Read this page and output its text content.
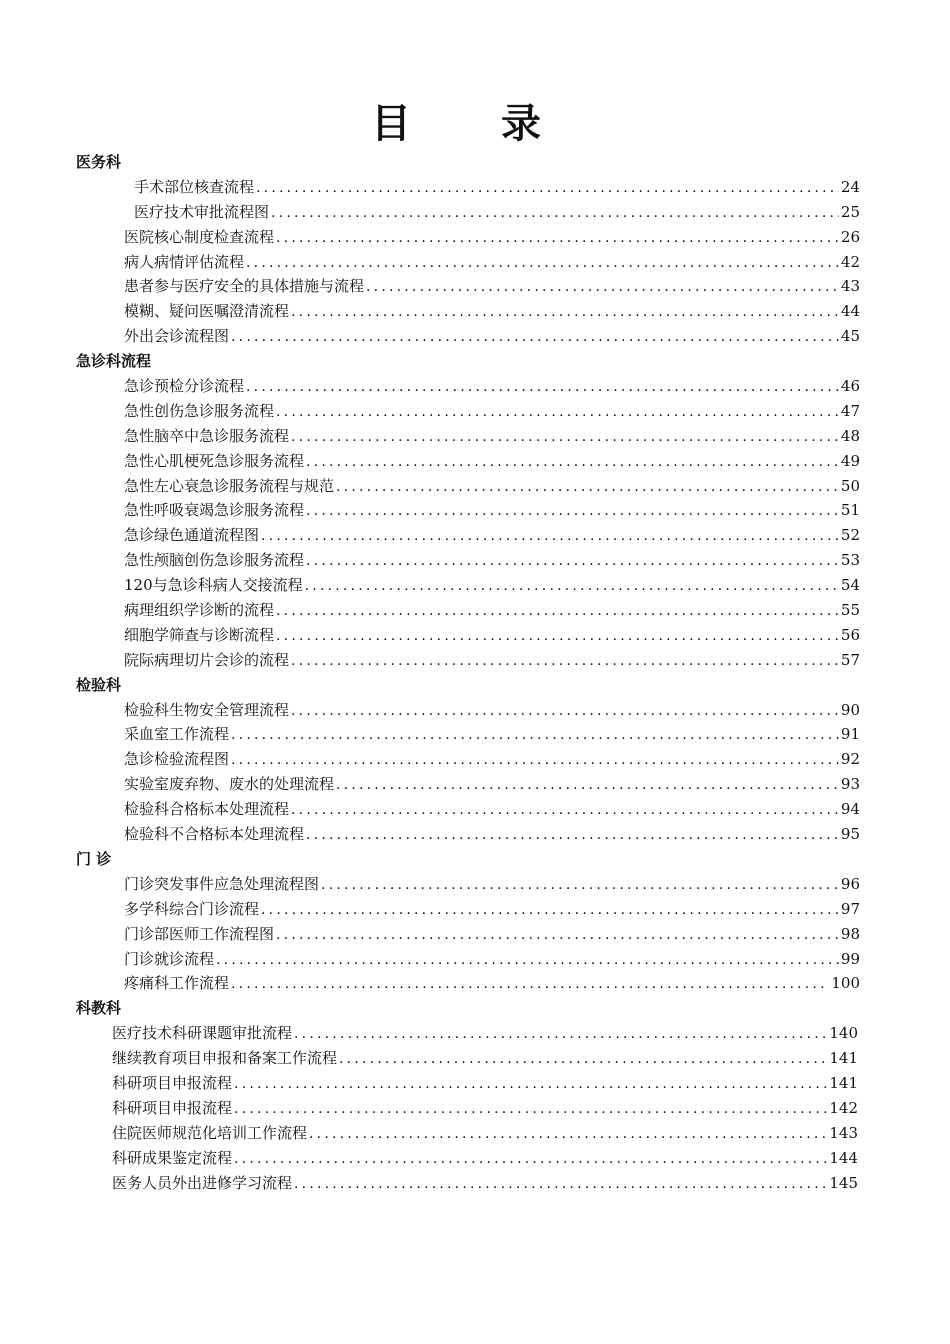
目 录
医务科
手术部位核查流程 .....	24
医疗技术审批流程图 .....	25
医院核心制度检查流程 .....	26
病人病情评估流程 .....	42
患者参与医疗安全的具体措施与流程 .....	43
模糊、疑问医嘱澄清流程 .....	44
外出会诊流程图 .....	45
急诊科流程
急诊预检分诊流程 .....	46
急性创伤急诊服务流程 .....	47
急性脑卒中急诊服务流程 .....	48
急性心肌梗死急诊服务流程 .....	49
急性左心衰急诊服务流程与规范 .....	50
急性呼吸衰竭急诊服务流程 .....	51
急诊绿色通道流程图 .....	52
急性颅脑创伤急诊服务流程 .....	53
120与急诊科病人交接流程 .....	54
病理组织学诊断的流程 .....	55
细胞学筛查与诊断流程 .....	56
院际病理切片会诊的流程 .....	57
检验科
检验科生物安全管理流程 .....	90
采血室工作流程 .....	91
急诊检验流程图 .....	92
实验室废弃物、废水的处理流程 .....	93
检验科合格标本处理流程 .....	94
检验科不合格标本处理流程 .....	95
门 诊
门诊突发事件应急处理流程图 .....	96
多学科综合门诊流程 .....	97
门诊部医师工作流程图 .....	98
门诊就诊流程 .....	99
疼痛科工作流程 .....	100
科教科
医疗技术科研课题审批流程 .....	140
继续教育项目申报和备案工作流程 .....	141
科研项目申报流程 .....	141
科研项目申报流程 .....	142
住院医师规范化培训工作流程 .....	143
科研成果鉴定流程 .....	144
医务人员外出进修学习流程 .....	145
